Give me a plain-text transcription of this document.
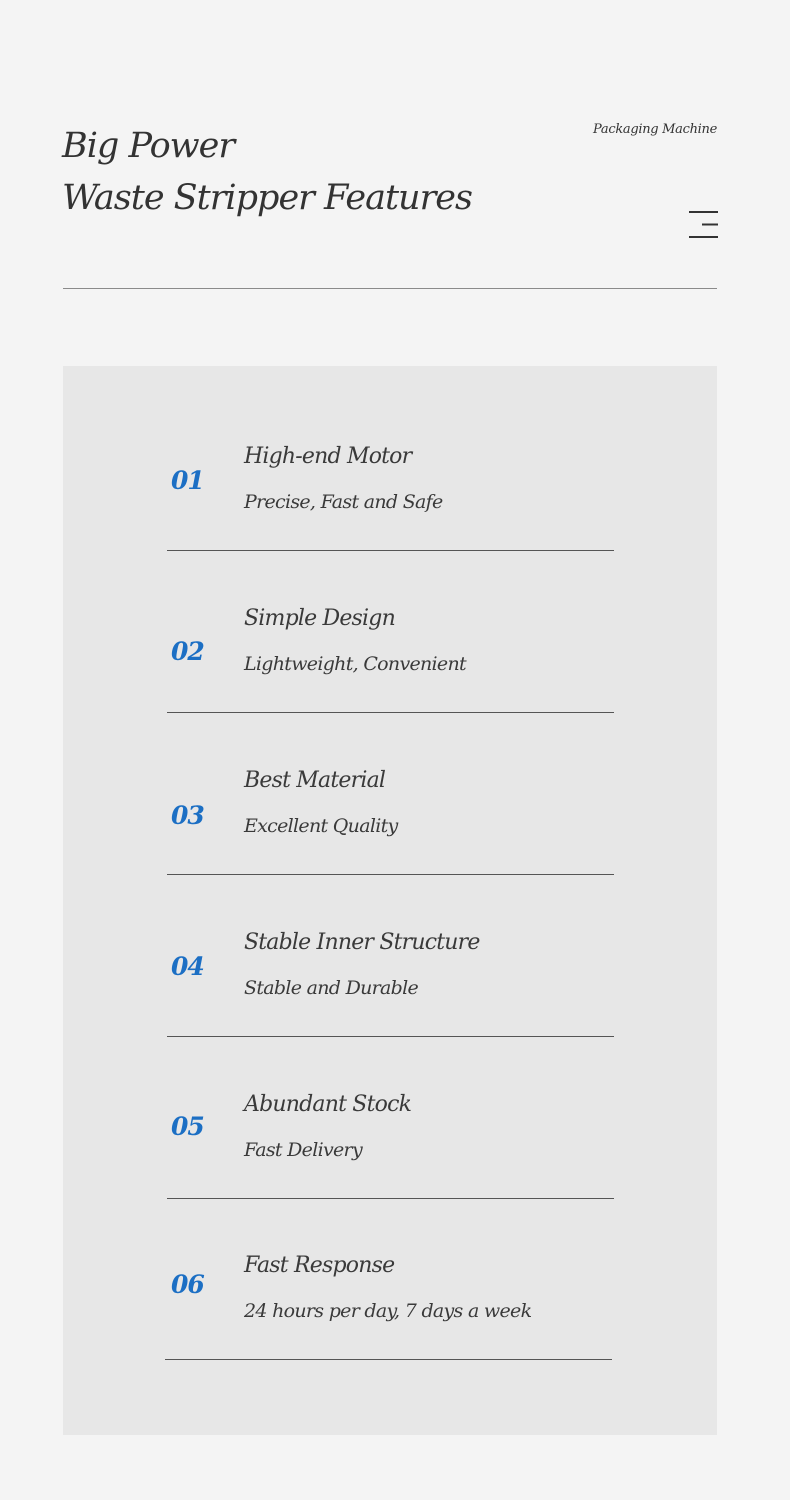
Big Power
Waste Stripper Features
Packaging Machine
01
High-end Motor
Precise, Fast and Safe
02
Simple Design
Lightweight, Convenient
03
Best Material
Excellent Quality
04
Stable Inner Structure
Stable and Durable
05
Abundant Stock
Fast Delivery
06
Fast Response
24 hours per day, 7 days a week
